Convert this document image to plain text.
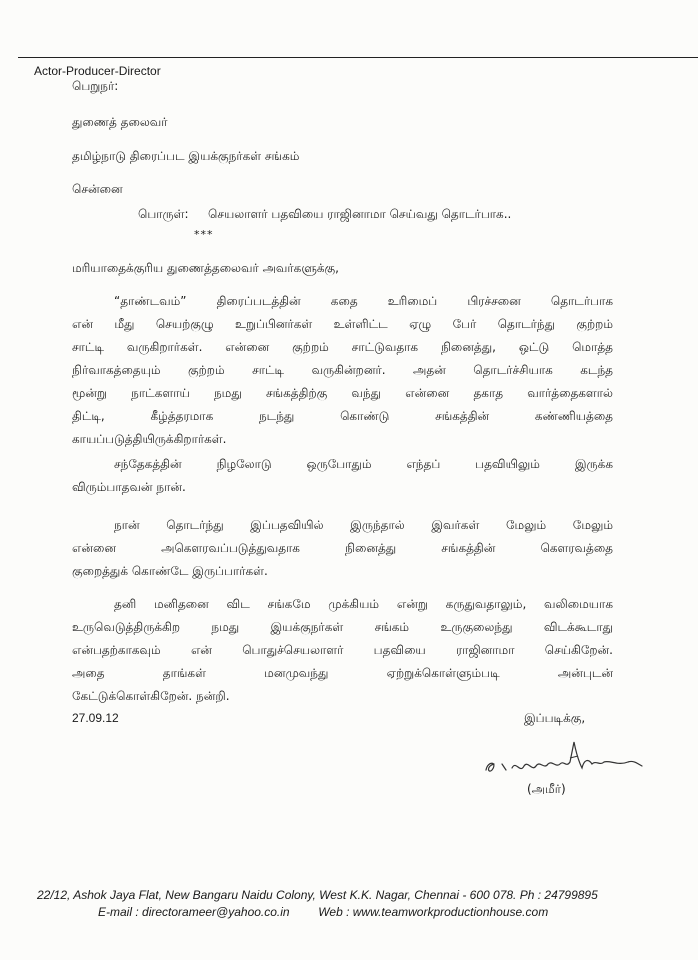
Actor-Producer-Director
பெறுநர்:
துணைத் தலைவர்
தமிழ்நாடு திரைப்பட இயக்குநர்கள் சங்கம்
சென்னை
பொருள்: செயலாளர் பதவியை ராஜினாமா செய்வது தொடர்பாக..
***
மரியாதைக்குரிய துணைத்தலைவர் அவர்களுக்கு,
“தாண்டவம்” திரைப்படத்தின் கதை உரிமைப் பிரச்சனை தொடர்பாக
என் மீது செயற்குழு உறுப்பினர்கள் உள்ளிட்ட ஏழு பேர் தொடர்ந்து குற்றம்
சாட்டி வருகிறார்கள். என்னை குற்றம் சாட்டுவதாக நினைத்து, ஒட்டு மொத்த
நிர்வாகத்தையும் குற்றம் சாட்டி வருகின்றனர். அதன் தொடர்ச்சியாக கடந்த
மூன்று நாட்களாய் நமது சங்கத்திற்கு வந்து என்னை தகாத வார்த்தைகளால்
திட்டி, கீழ்த்தரமாக நடந்து கொண்டு சங்கத்தின் கண்ணியத்தை
காயப்படுத்தியிருக்கிறார்கள்.
சந்தேகத்தின் நிழலோடு ஒருபோதும் எந்தப் பதவியிலும் இருக்க
விரும்பாதவன் நான்.
நான் தொடர்ந்து இப்பதவியில் இருந்தால் இவர்கள் மேலும் மேலும்
என்னை அகௌரவப்படுத்துவதாக நினைத்து சங்கத்தின் கௌரவத்தை
குறைத்துக் கொண்டே இருப்பார்கள்.
தனி மனிதனை விட சங்கமே முக்கியம் என்று கருதுவதாலும், வலிமையாக
உருவெடுத்திருக்கிற நமது இயக்குநர்கள் சங்கம் உருகுலைந்து விடக்கூடாது
என்பதற்காகவும் என் பொதுச்செயலாளர் பதவியை ராஜினாமா செய்கிறேன்.
அதை தாங்கள் மனமுவந்து ஏற்றுக்கொள்ளும்படி அன்புடன்
கேட்டுக்கொள்கிறேன். நன்றி.
27.09.12	இப்படிக்கு,
(அமீர்)
22/12, Ashok Jaya Flat, New Bangaru Naidu Colony, West K.K. Nagar, Chennai - 600 078. Ph : 24799895
E-mail : directorameer@yahoo.co.in Web : www.teamworkproductionhouse.com
